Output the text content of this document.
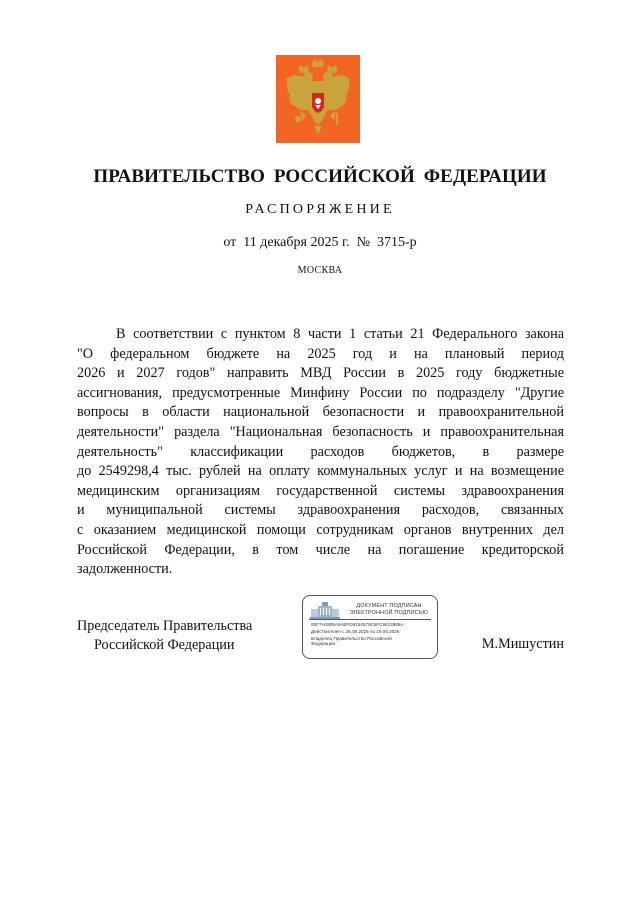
ПРАВИТЕЛЬСТВО РОССИЙСКОЙ ФЕДЕРАЦИИ
РАСПОРЯЖЕНИЕ
от  11 декабря 2025 г.  №  3715-р
МОСКВА
В соответствии с пунктом 8 части 1 статьи 21 Федерального закона
"О федеральном бюджете на 2025 год и на плановый период
2026 и 2027 годов" направить МВД России в 2025 году бюджетные
ассигнования, предусмотренные Минфину России по подразделу "Другие
вопросы в области национальной безопасности и правоохранительной
деятельности" раздела "Национальная безопасность и правоохранительная
деятельность" классификации расходов бюджетов, в размере
до 2549298,4 тыс. рублей на оплату коммунальных услуг и на возмещение
медицинским организациям государственной системы здравоохранения
и муниципальной системы здравоохранения расходов, связанных
с оказанием медицинской помощи сотрудникам органов внутренних дел
Российской Федерации, в том числе на погашение кредиторской
задолженности.
Председатель Правительства
Российской Федерации
ДОКУМЕНТ ПОДПИСАН
ЭЛЕКТРОННОЙ ПОДПИСЬЮ
00F7A0905A5ABFD9154579C5FC8623885A
Действителен с 26.06.2025 по 19.09.2026
Владелец Правительство Российской
Федерации	М.Мишустин
